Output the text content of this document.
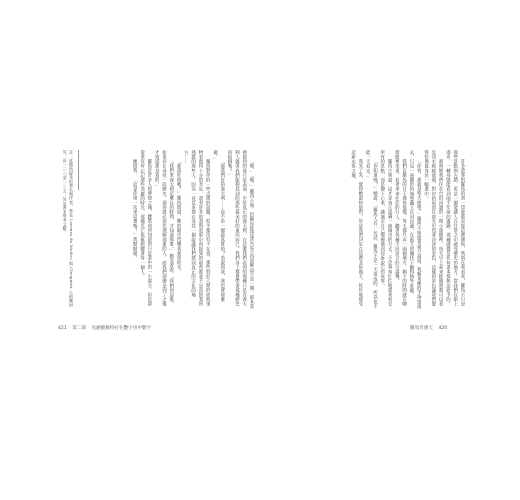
許多遊客對羅馬的第一印象都是從這裡開始，然而在我看來，羅馬不只是那些景點與古蹟，更是一個能讓人在日常之中感受歷史的地方。當我們在街上漫步，一轉身就能看到兩千年前的遺跡，那種感覺是任何書本都無法給予的。

那時候我們住在台伯河邊的一間小旅館裡，每天早上起來推開窗就可以看見河水緩緩流過，對岸的屋頂在晨光中閃著淡淡的金色，這樣的景色讓我們覺得彷彿置身於一幅畫中。

「你看，那就是聖天使堡。」羅西小姐指著遠方說道。我順著她的手指望過去，只見一座圓形的城堡矗立在河岸邊，在藍天的襯托下顯得格外莊嚴。

我們在羅馬的日子過得很慢，每天都只去一兩個地方，剩下的時間就在咖啡館裡坐著，看著來來往往的行人，聽著各種不同語言的交談聲。

羅西小姐說，這才是真正認識一座城市的方式。不是匆匆忙忙地趕著看完所有的景點，而是靜下心來，讓城市自己慢慢地向你訴說它的故事。

「你知道嗎？」她說，「羅馬人有一句話，羅馬不是一天造成的，所以也不能一天看完。」

我笑了笑，覺得她說得很對。於是我們決定在這裡多留幾天，好好地感受這座永恆之城。

「嗯，」「嗯，」羅西小姐，但願你能快速忘記不再誤解這不是一個，那本書裡提到的那只是表面，至於真正的義大利，在這裏我們看到的那種只是在義大利人做著我們能夠找到的那些最美好的東西而已。我們身上都會帶著那種歷史的痕跡嗎？」

「那我們好的義大利……是不是一個最真實的？若說到我，我也會那麼做。」

羅西對你的一些古蹟的話題，似乎都沒有不在意，那些對於人間的經典事物表現得十分的肯定，還有許多的書與電影中所提到的那些都並不是真的我所熟悉的那些人，因為一直以來都在尋找一個能讓我們感到真正的文化的地方……

「那還好問嗎？」羅西問道，她的眼中閃爍著異常的光。

「我們來義大利這麼長的時間，才知道那裏。」她笑著說。「我們到這裏，如果你在尋找一段歷史，那你就必須先理解那裏的人，而我們卻總是到了之後才知道那是真的。」

羅馬是許多人的夢想之城，雖然我所知道的只是書中的一小部分，但是卻從來沒有忘記那些美麗的時光，那種光芒依舊照耀著每一個人。

她問我：「這是你第一次來這裏嗎？」我點點頭。

註：此處所提及的書名與作者，參見 Lorenzo de Medici 與 Cleopatra 之相關研究，頁一三○至一三五；另見書末參考文獻。

421 第二部 克麗歐佩特拉在艷宇宙中數字	羅馬有感天 420
